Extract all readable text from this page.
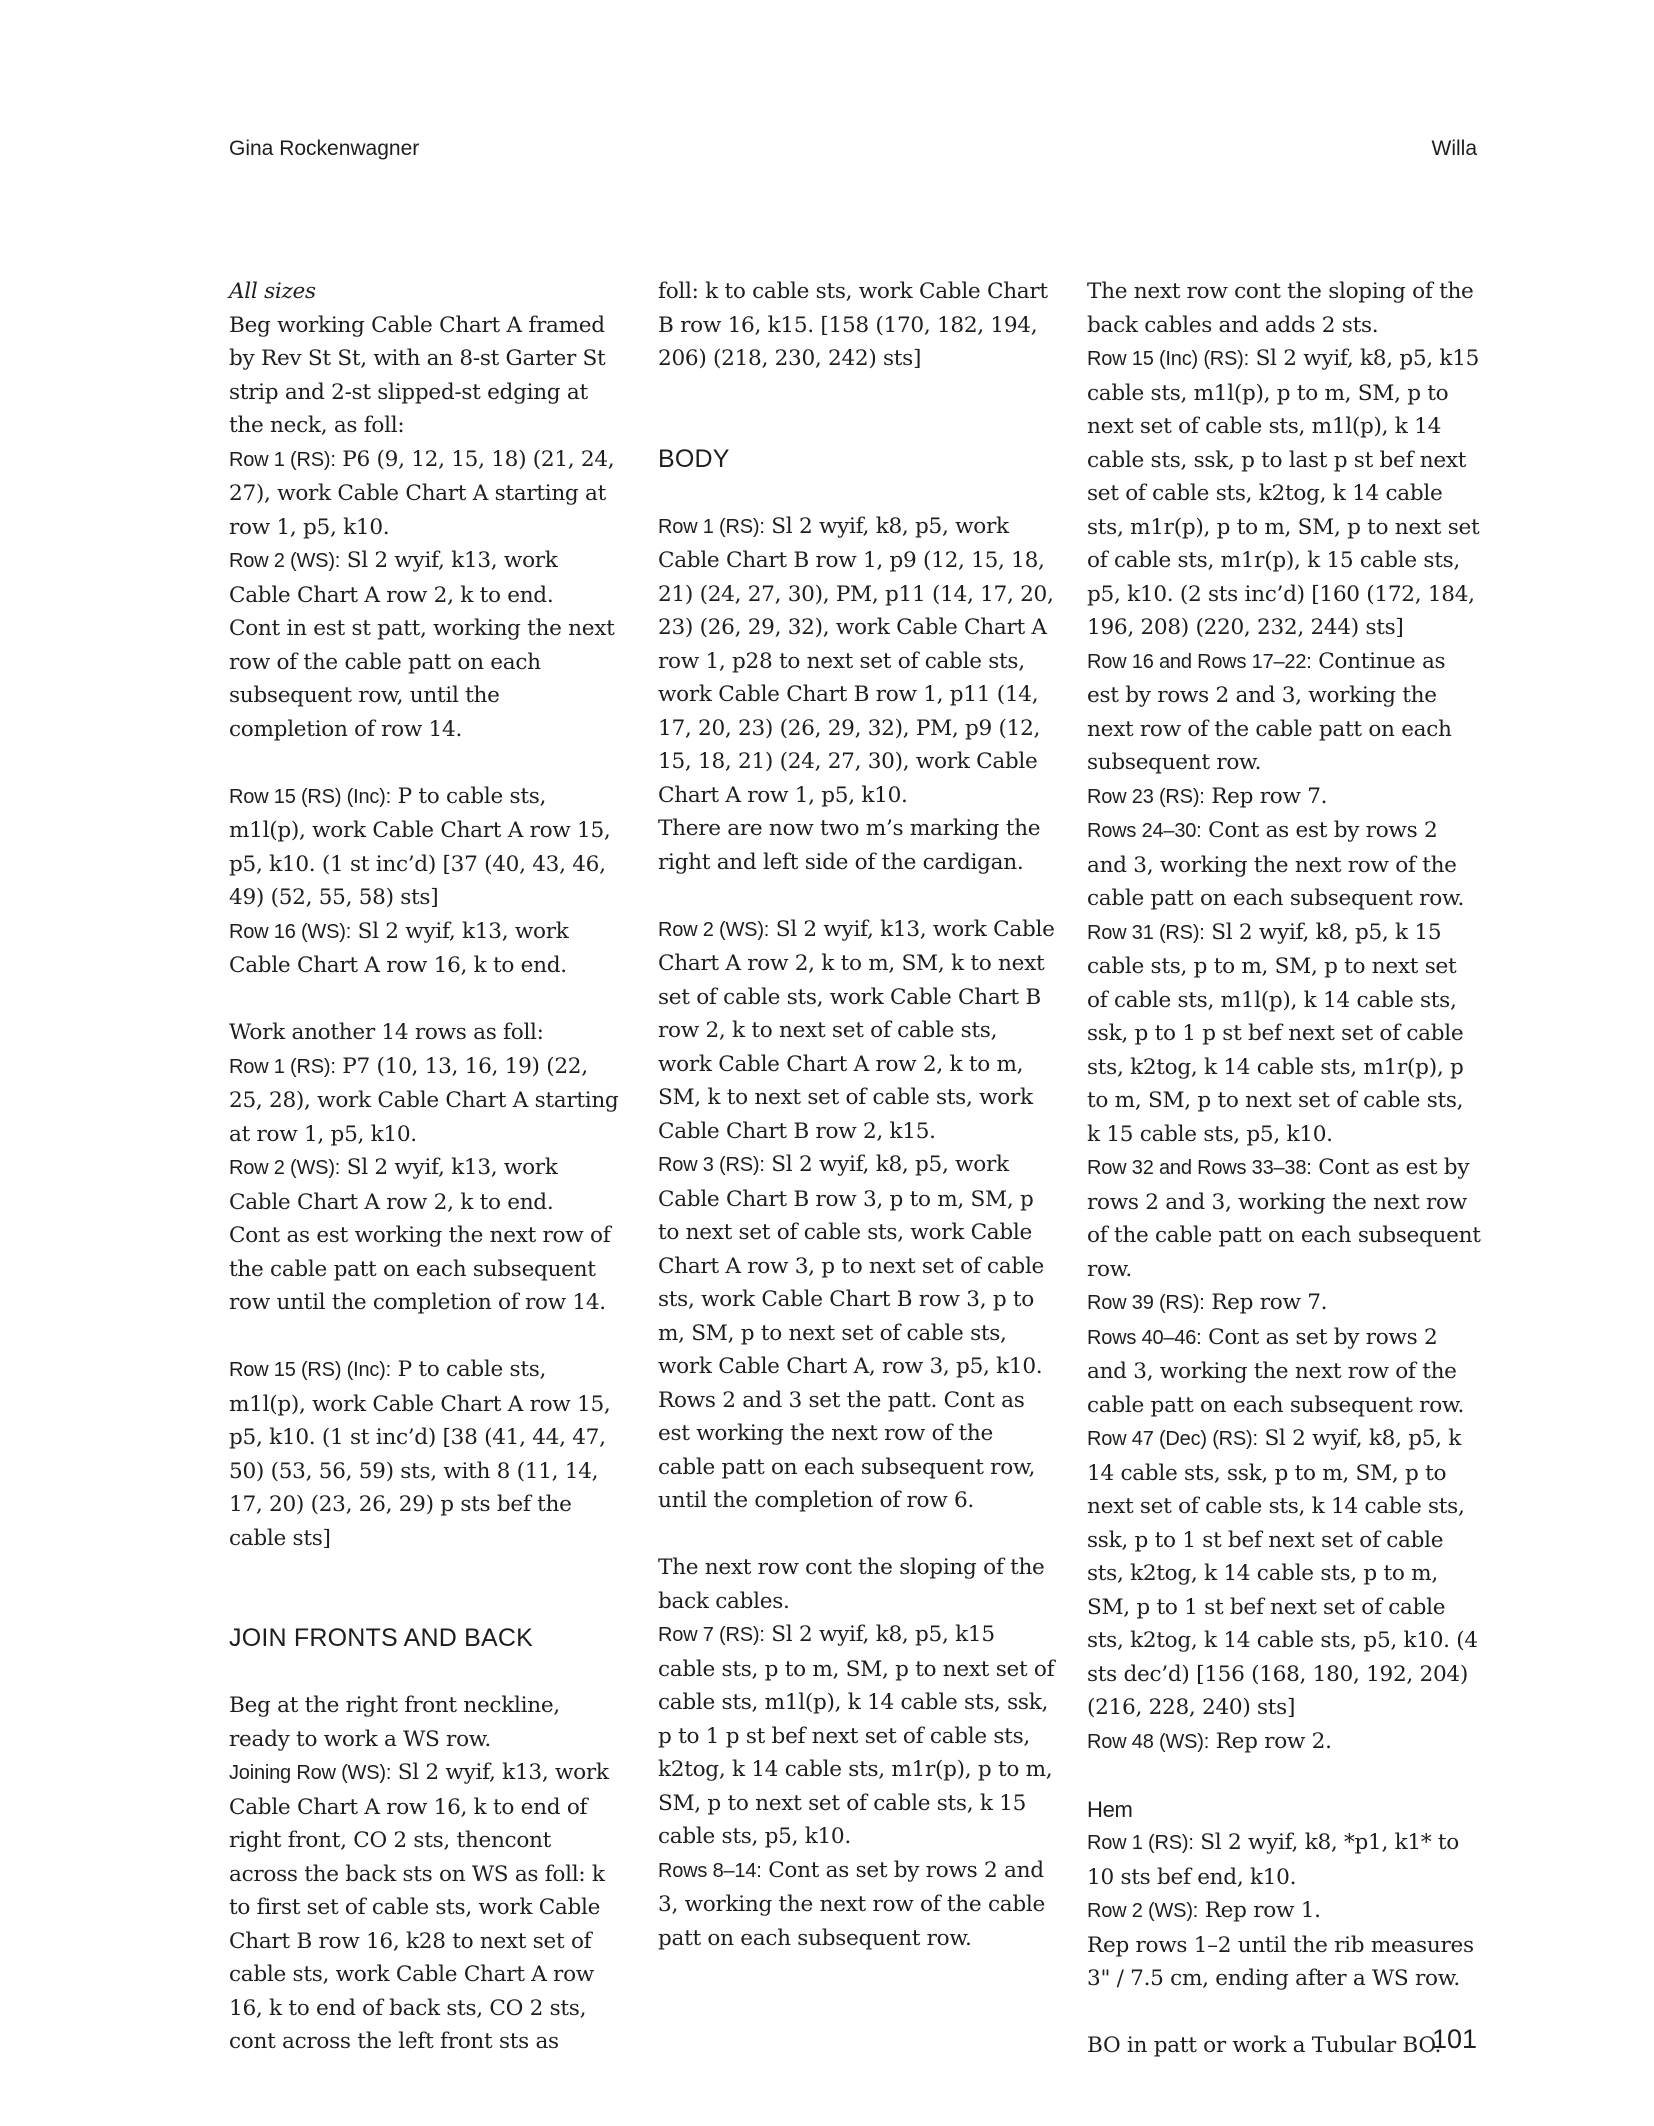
Gina Rockenwagner	Willa

All sizes

Beg working Cable Chart A framed by Rev St St, with an 8-st Garter St strip and 2-st slipped-st edging at the neck, as foll:

Row 1 (RS): P6 (9, 12, 15, 18) (21, 24, 27), work Cable Chart A starting at row 1, p5, k10.

Row 2 (WS): Sl 2 wyif, k13, work Cable Chart A row 2, k to end.

Cont in est st patt, working the next row of the cable patt on each subsequent row, until the completion of row 14.

Row 15 (RS) (Inc): P to cable sts, m1l(p), work Cable Chart A row 15, p5, k10. (1 st inc’d) [37 (40, 43, 46, 49) (52, 55, 58) sts]

Row 16 (WS): Sl 2 wyif, k13, work Cable Chart A row 16, k to end.

Work another 14 rows as foll:

Row 1 (RS): P7 (10, 13, 16, 19) (22, 25, 28), work Cable Chart A starting at row 1, p5, k10.

Row 2 (WS): Sl 2 wyif, k13, work Cable Chart A row 2, k to end.

Cont as est working the next row of the cable patt on each subsequent row until the completion of row 14.

Row 15 (RS) (Inc): P to cable sts, m1l(p), work Cable Chart A row 15, p5, k10. (1 st inc’d) [38 (41, 44, 47, 50) (53, 56, 59) sts, with 8 (11, 14, 17, 20) (23, 26, 29) p sts bef the cable sts]

JOIN FRONTS AND BACK

Beg at the right front neckline, ready to work a WS row.

Joining Row (WS): Sl 2 wyif, k13, work Cable Chart A row 16, k to end of right front, CO 2 sts, thencont across the back sts on WS as foll: k to first set of cable sts, work Cable Chart B row 16, k28 to next set of cable sts, work Cable Chart A row 16, k to end of back sts, CO 2 sts, cont across the left front sts as

foll: k to cable sts, work Cable Chart B row 16, k15. [158 (170, 182, 194, 206) (218, 230, 242) sts]

BODY

Row 1 (RS): Sl 2 wyif, k8, p5, work Cable Chart B row 1, p9 (12, 15, 18, 21) (24, 27, 30), PM, p11 (14, 17, 20, 23) (26, 29, 32), work Cable Chart A row 1, p28 to next set of cable sts, work Cable Chart B row 1, p11 (14, 17, 20, 23) (26, 29, 32), PM, p9 (12, 15, 18, 21) (24, 27, 30), work Cable Chart A row 1, p5, k10.

There are now two m’s marking the right and left side of the cardigan.

Row 2 (WS): Sl 2 wyif, k13, work Cable Chart A row 2, k to m, SM, k to next set of cable sts, work Cable Chart B row 2, k to next set of cable sts, work Cable Chart A row 2, k to m, SM, k to next set of cable sts, work Cable Chart B row 2, k15.

Row 3 (RS): Sl 2 wyif, k8, p5, work Cable Chart B row 3, p to m, SM, p to next set of cable sts, work Cable Chart A row 3, p to next set of cable sts, work Cable Chart B row 3, p to m, SM, p to next set of cable sts, work Cable Chart A, row 3, p5, k10.

Rows 2 and 3 set the patt. Cont as est working the next row of the cable patt on each subsequent row, until the completion of row 6.

The next row cont the sloping of the back cables.

Row 7 (RS): Sl 2 wyif, k8, p5, k15 cable sts, p to m, SM, p to next set of cable sts, m1l(p), k 14 cable sts, ssk, p to 1 p st bef next set of cable sts, k2tog, k 14 cable sts, m1r(p), p to m, SM, p to next set of cable sts, k 15 cable sts, p5, k10.

Rows 8–14: Cont as set by rows 2 and 3, working the next row of the cable patt on each subsequent row.

The next row cont the sloping of the back cables and adds 2 sts.

Row 15 (Inc) (RS): Sl 2 wyif, k8, p5, k15 cable sts, m1l(p), p to m, SM, p to next set of cable sts, m1l(p), k 14 cable sts, ssk, p to last p st bef next set of cable sts, k2tog, k 14 cable sts, m1r(p), p to m, SM, p to next set of cable sts, m1r(p), k 15 cable sts, p5, k10. (2 sts inc’d) [160 (172, 184, 196, 208) (220, 232, 244) sts]

Row 16 and Rows 17–22: Continue as est by rows 2 and 3, working the next row of the cable patt on each subsequent row.

Row 23 (RS): Rep row 7.

Rows 24–30: Cont as est by rows 2 and 3, working the next row of the cable patt on each subsequent row.

Row 31 (RS): Sl 2 wyif, k8, p5, k 15 cable sts, p to m, SM, p to next set of cable sts, m1l(p), k 14 cable sts, ssk, p to 1 p st bef next set of cable sts, k2tog, k 14 cable sts, m1r(p), p to m, SM, p to next set of cable sts, k 15 cable sts, p5, k10.

Row 32 and Rows 33–38: Cont as est by rows 2 and 3, working the next row of the cable patt on each subsequent row.

Row 39 (RS): Rep row 7.

Rows 40–46: Cont as set by rows 2 and 3, working the next row of the cable patt on each subsequent row.

Row 47 (Dec) (RS): Sl 2 wyif, k8, p5, k 14 cable sts, ssk, p to m, SM, p to next set of cable sts, k 14 cable sts, ssk, p to 1 st bef next set of cable sts, k2tog, k 14 cable sts, p to m, SM, p to 1 st bef next set of cable sts, k2tog, k 14 cable sts, p5, k10. (4 sts dec’d) [156 (168, 180, 192, 204) (216, 228, 240) sts]

Row 48 (WS): Rep row 2.

Hem

Row 1 (RS): Sl 2 wyif, k8, *p1, k1* to 10 sts bef end, k10.

Row 2 (WS): Rep row 1.

Rep rows 1–2 until the rib measures 3" / 7.5 cm, ending after a WS row.

BO in patt or work a Tubular BO.

101
